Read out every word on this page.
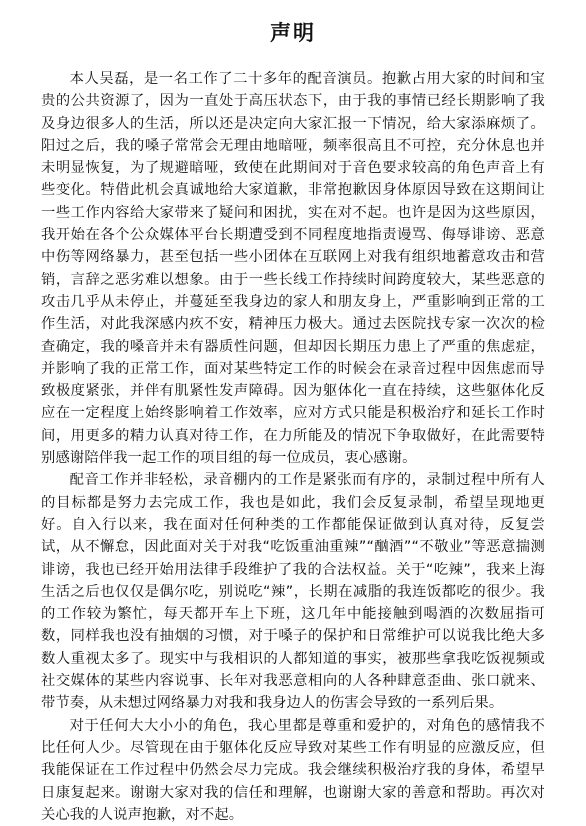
声明

本人吴磊，是一名工作了二十多年的配音演员。抱歉占用大家的时间和宝贵的公共资源了，因为一直处于高压状态下，由于我的事情已经长期影响了我及身边很多人的生活，所以还是决定向大家汇报一下情况，给大家添麻烦了。阳过之后，我的嗓子常常会无理由地暗哑，频率很高且不可控，充分休息也并未明显恢复，为了规避暗哑，致使在此期间对于音色要求较高的角色声音上有些变化。特借此机会真诚地给大家道歉，非常抱歉因身体原因导致在这期间让一些工作内容给大家带来了疑问和困扰，实在对不起。也许是因为这些原因，我开始在各个公众媒体平台长期遭受到不同程度地指责谩骂、侮辱诽谤、恶意中伤等网络暴力，甚至包括一些小团体在互联网上对我有组织地蓄意攻击和营销，言辞之恶劣难以想象。由于一些长线工作持续时间跨度较大，某些恶意的攻击几乎从未停止，并蔓延至我身边的家人和朋友身上，严重影响到正常的工作生活，对此我深感内疚不安，精神压力极大。通过去医院找专家一次次的检查确定，我的嗓音并未有器质性问题，但却因长期压力患上了严重的焦虑症，并影响了我的正常工作，面对某些特定工作的时候会在录音过程中因焦虑而导致极度紧张，并伴有肌紧性发声障碍。因为躯体化一直在持续，这些躯体化反应在一定程度上始终影响着工作效率，应对方式只能是积极治疗和延长工作时间，用更多的精力认真对待工作，在力所能及的情况下争取做好，在此需要特别感谢陪伴我一起工作的项目组的每一位成员，衷心感谢。

配音工作并非轻松，录音棚内的工作是紧张而有序的，录制过程中所有人的目标都是努力去完成工作，我也是如此，我们会反复录制，希望呈现地更好。自入行以来，我在面对任何种类的工作都能保证做到认真对待，反复尝试，从不懈怠，因此面对关于对我“吃饭重油重辣”“酗酒”“不敬业”等恶意揣测诽谤，我也已经开始用法律手段维护了我的合法权益。关于“吃辣”，我来上海生活之后也仅仅是偶尔吃，别说吃“辣”，长期在减脂的我连饭都吃的很少。我的工作较为繁忙，每天都开车上下班，这几年中能接触到喝酒的次数屈指可数，同样我也没有抽烟的习惯，对于嗓子的保护和日常维护可以说我比绝大多数人重视太多了。现实中与我相识的人都知道的事实，被那些拿我吃饭视频或社交媒体的某些内容说事、长年对我恶意相向的人各种肆意歪曲、张口就来、带节奏，从未想过网络暴力对我和我身边人的伤害会导致的一系列后果。

对于任何大大小小的角色，我心里都是尊重和爱护的，对角色的感情我不比任何人少。尽管现在由于躯体化反应导致对某些工作有明显的应激反应，但我能保证在工作过程中仍然会尽力完成。我会继续积极治疗我的身体，希望早日康复起来。谢谢大家对我的信任和理解，也谢谢大家的善意和帮助。再次对关心我的人说声抱歉，对不起。
